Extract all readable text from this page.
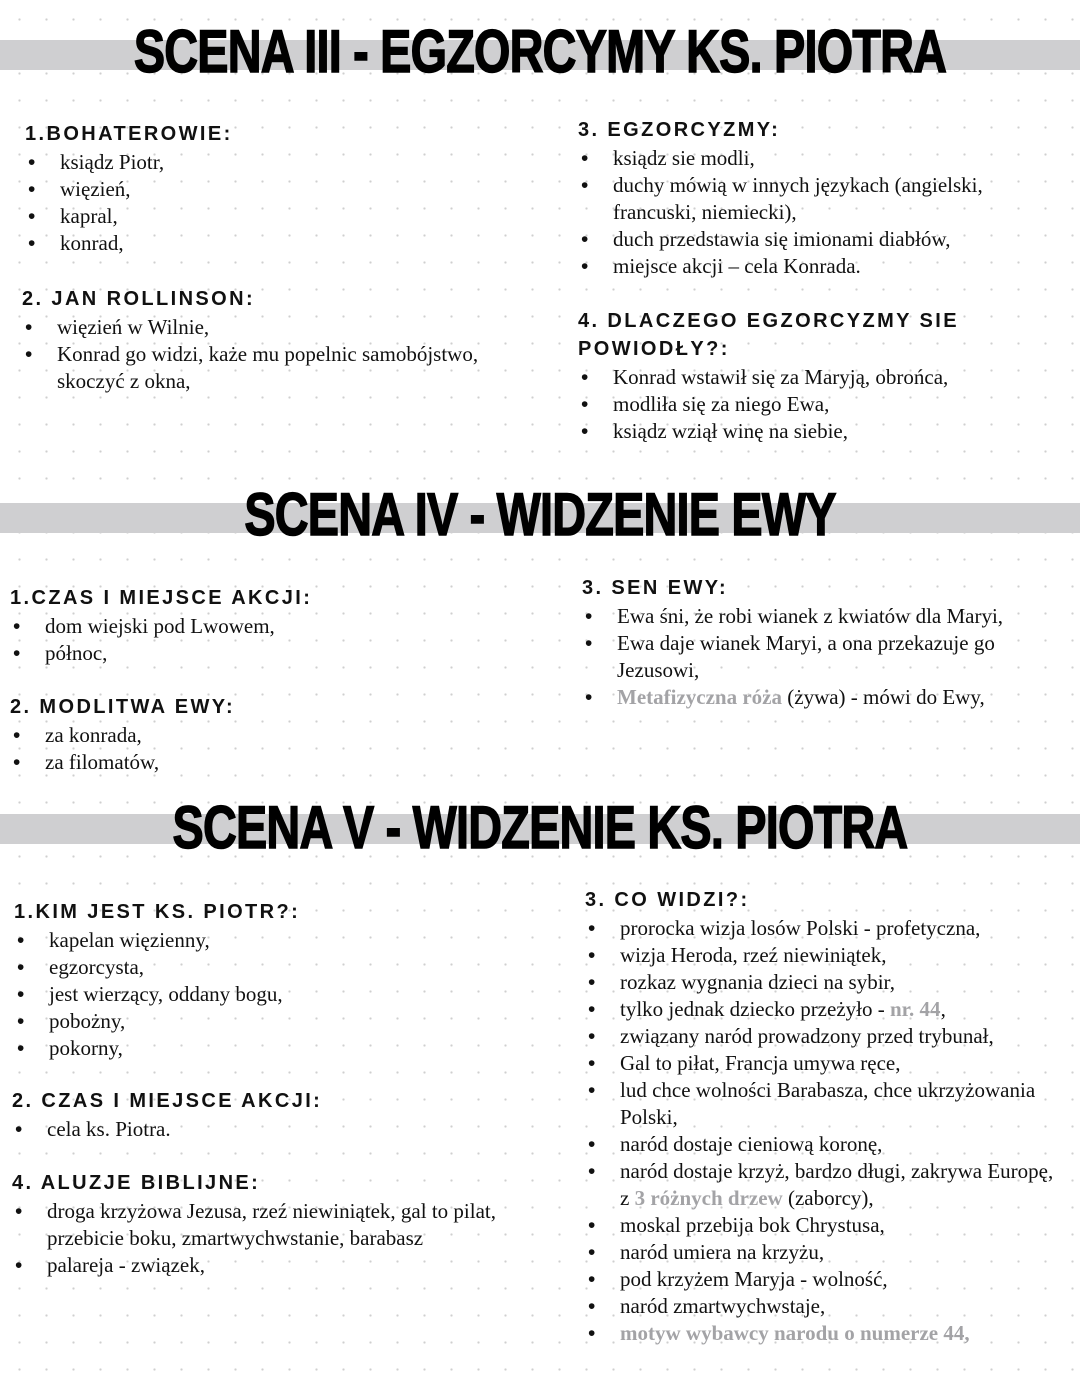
SCENA III - EGZORCYMY KS. PIOTRA
1.BOHATEROWIE:
• ksiądz Piotr,
• więzień,
• kapral,
• konrad,
2. JAN ROLLINSON:
• więzień w Wilnie,
• Konrad go widzi, każe mu popelnic samobójstwo, skoczyć z okna,
3. EGZORCYZMY:
• ksiądz sie modli,
• duchy mówią w innych językach (angielski, francuski, niemiecki),
• duch przedstawia się imionami diabłów,
• miejsce akcji – cela Konrada.
4. DLACZEGO EGZORCYZMY SIE POWIODŁY?:
• Konrad wstawił się za Maryją, obrońca,
• modliła się za niego Ewa,
• ksiądz wziął winę na siebie,
SCENA IV - WIDZENIE EWY
1.CZAS I MIEJSCE AKCJI:
• dom wiejski pod Lwowem,
• północ,
2. MODLITWA EWY:
• za konrada,
• za filomatów,
3. SEN EWY:
• Ewa śni, że robi wianek z kwiatów dla Maryi,
• Ewa daje wianek Maryi, a ona przekazuje go Jezusowi,
• Metafizyczna róża (żywa) - mówi do Ewy,
SCENA V - WIDZENIE KS. PIOTRA
1.KIM JEST KS. PIOTR?:
• kapelan więzienny,
• egzorcysta,
• jest wierzący, oddany bogu,
• pobożny,
• pokorny,
2. CZAS I MIEJSCE AKCJI:
• cela ks. Piotra.
4. ALUZJE BIBLIJNE:
• droga krzyżowa Jezusa, rzeź niewiniątek, gal to pilat, przebicie boku, zmartwychwstanie, barabasz
• palareja - związek,
3. CO WIDZI?:
• prorocka wizja losów Polski - profetyczna,
• wizja Heroda, rzeź niewiniątek,
• rozkaz wygnania dzieci na sybir,
• tylko jednak dziecko przeżyło - nr. 44,
• związany naród prowadzony przed trybunał,
• Gal to piłat, Francja umywa ręce,
• lud chce wolności Barabasza, chce ukrzyżowania Polski,
• naród dostaje cieniową koronę,
• naród dostaje krzyż, bardzo długi, zakrywa Europę, z 3 różnych drzew (zaborcy),
• moskal przebija bok Chrystusa,
• naród umiera na krzyżu,
• pod krzyżem Maryja - wolność,
• naród zmartwychwstaje,
• motyw wybawcy narodu o numerze 44,
